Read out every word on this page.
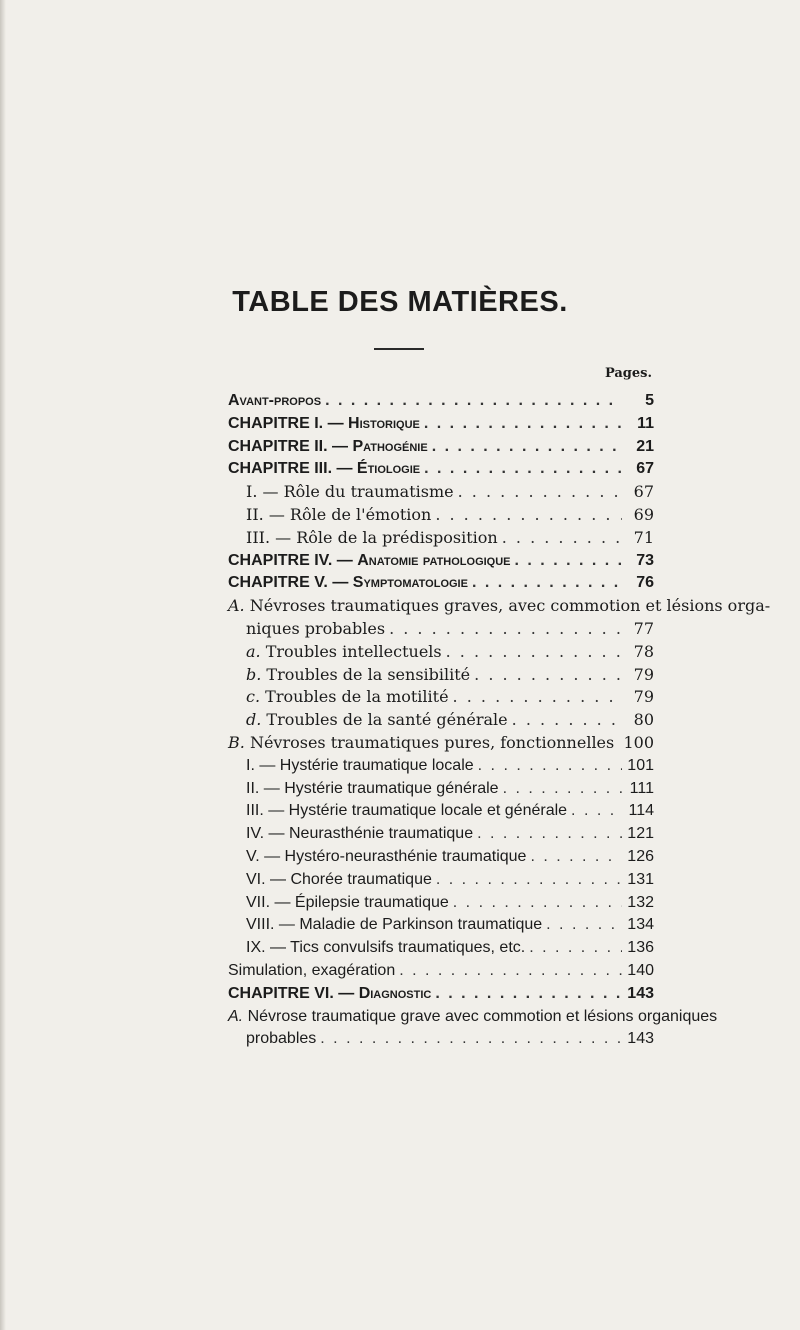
TABLE DES MATIÈRES.
Pages.
Avant-propos . . .	5
CHAPITRE I. — Historique . . .	11
CHAPITRE II. — Pathogénie . . .	21
CHAPITRE III. — Étiologie . . .	67
I. — Rôle du traumatisme . . .	67
II. — Rôle de l'émotion . . .	69
III. — Rôle de la prédisposition . . .	71
CHAPITRE IV. — Anatomie pathologique . . .	73
CHAPITRE V. — Symptomatologie . . .	76
A. Névroses traumatiques graves, avec commotion et lésions orga-
niques probables . . .	77
a. Troubles intellectuels . . .	78
b. Troubles de la sensibilité . . .	79
c. Troubles de la motilité . . .	79
d. Troubles de la santé générale . . .	80
B. Névroses traumatiques pures, fonctionnelles . . . 100
I. — Hystérie traumatique locale . . .	101
II. — Hystérie traumatique générale . . .	111
III. — Hystérie traumatique locale et générale . . .	114
IV. — Neurasthénie traumatique . . .	121
V. — Hystéro-neurasthénie traumatique . . .	126
VI. — Chorée traumatique . . .	131
VII. — Épilepsie traumatique . . .	132
VIII. — Maladie de Parkinson traumatique . . .	134
IX. — Tics convulsifs traumatiques, etc. . . .	136
Simulation, exagération . . .	140
CHAPITRE VI. — Diagnostic . . .	143
A. Névrose traumatique grave avec commotion et lésions organiques
probables . . .	143
